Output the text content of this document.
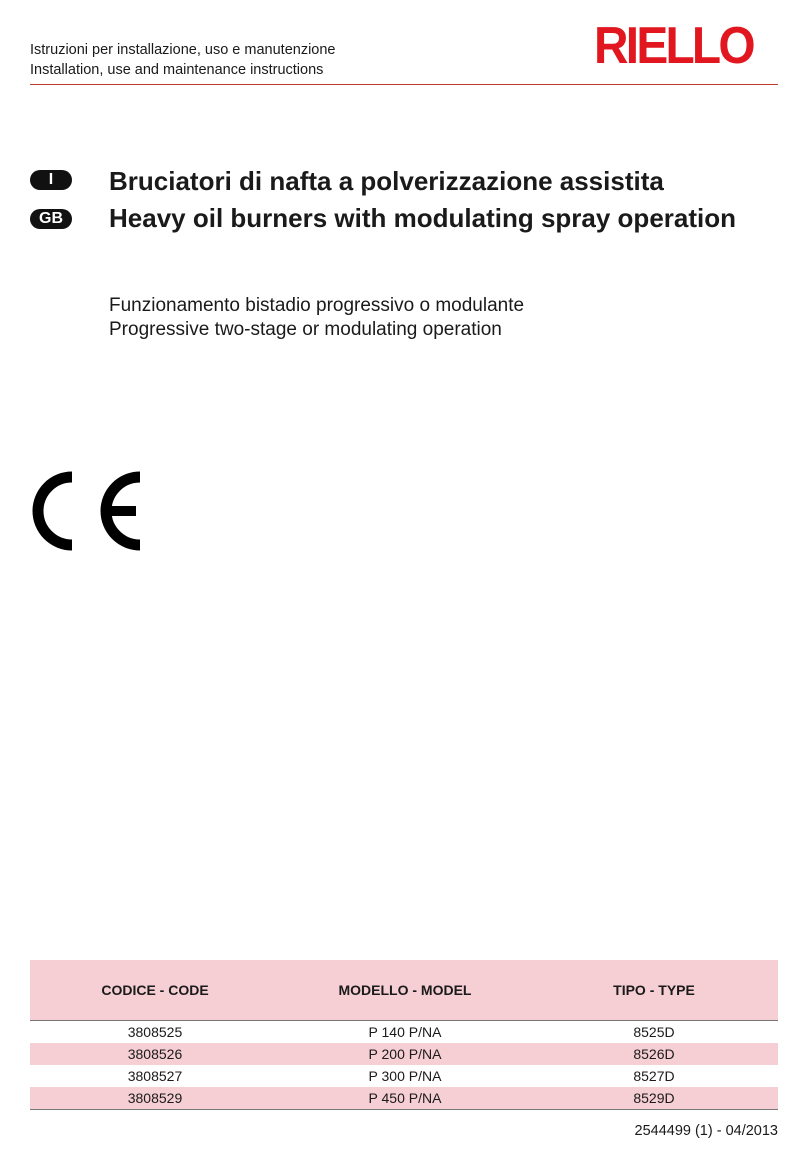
Istruzioni per installazione, uso e manutenzione
Installation, use and maintenance instructions	RIELLO
I	Bruciatori di nafta a polverizzazione assistita
GB	Heavy oil burners with modulating spray operation
Funzionamento bistadio progressivo o modulante
Progressive two-stage or modulating operation
CODICE - CODE	MODELLO - MODEL	TIPO - TYPE
3808525	P 140 P/NA	8525D
3808526	P 200 P/NA	8526D
3808527	P 300 P/NA	8527D
3808529	P 450 P/NA	8529D
2544499 (1) - 04/2013
